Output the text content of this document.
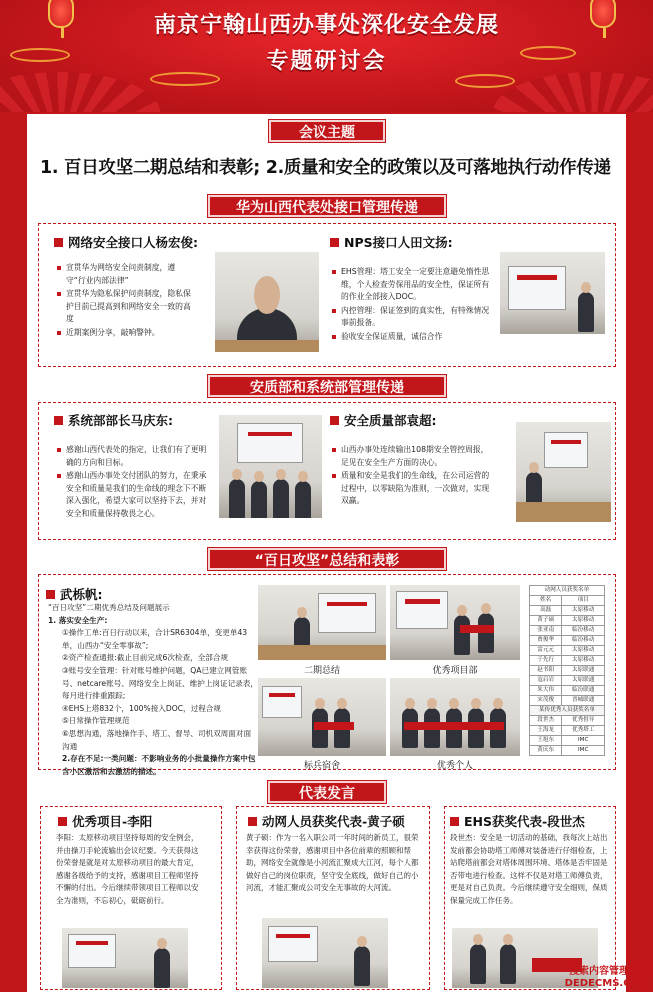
南京宁翰山西办事处深化安全发展
专题研讨会
会议主题
1. 百日攻坚二期总结和表彰; 2.质量和安全的政策以及可落地执行动作传递
华为山西代表处接口管理传递
网络安全接口人杨宏俊:
宣贯华为网络安全问责制度，遵守“行业内部法律”
宣贯华为隐私保护问责制度，隐私保护目前已提高到和网络安全一致的高度
近期案例分享，敲响警钟。
NPS接口人田文扬:
EHS管理：塔工安全一定要注意避免惰性思维，个人检查劳保用品的安全性，保证所有的作业全部接入DOC。
内控管理：保证签到的真实性，有特殊情况事前报备。
验收安全保证质量，诚信合作
安质部和系统部管理传递
系统部部长马庆东:
感谢山西代表处的指定，让我们有了更明确的方向和目标。
感谢山西办事处交付团队的努力，在秉承安全和质量是我们的生命线的理念下不断深入强化，希望大家可以坚持下去，并对安全和质量保持敬畏之心。
安全质量部袁超:
山西办事处连续输出108期安全管控周报，足见在安全生产方面的决心。
质量和安全是我们的生命线，在公司运营的过程中，以零缺陷为准则，一次做对，实现双赢。
“百日攻坚”总结和表彰
武栎帆:
“百日攻坚”二期优秀总结及问题展示
1. 落实安全生产:
①操作工单:百日行动以来，合计SR6304单，变更单43单，山西办“安全零事故”;
②资产检查通报:截止目前完成6次检查，全部合规
③账号安全管理：针对账号维护问题，QA已建立网管账号、netcare账号、网络安全上岗证、维护上岗证记录表，每月进行排重跟踪;
④EHS上塔832个，100%接入DOC，过程合规
⑤日常操作管理规范
⑥思想沟通，落地操作手、塔工、督导、司机双周面对面沟通
2.存在不足:一类问题：不影响业务的小批量操作方案中包含小区激活和去激活的描述。
二期总结	优秀项目部
标兵宿舍	优秀个人
动网人员获奖名单	
姓名	项目
高磊	太原移动
黄子硕	太原移动
张亚南	临汾移动
贾俊华	临汾移动
雷元元	太原移动
于先行	太原移动
赵书阳	太原联通
寇启岩	太原联通
朱大伟	临汾联通
宋茂俊	晋城联通
某传优秀人员获奖名单	
段世杰	优秀督导
王海龙	优秀塔工
王旭东	IMC
黄庆东	IMC
代表发言
优秀项目-李阳
李阳：太原移动项目坚持每周的安全例会，并由操刀手轮流输出会议纪要。今天获得这份荣誉是就是对太原移动项目的最大肯定，感谢各级给予的支持，感谢项目工程师坚持不懈的付出。今后继续带领项目工程师以安全为准则，不忘初心，砥砺前行。
动网人员获奖代表-黄子硕
黄子硕：作为一名入职公司一年时间的新员工，很荣幸获得这份荣誉，感谢项目中各位前辈的照顾和帮助，网络安全就像是小河流汇聚成大江河，每个人都做好自己的岗位职责，坚守安全底线，做好自己的小河流，才能汇聚成公司安全无事故的大河流。
EHS获奖代表-段世杰
段世杰：安全是一切活动的基础，我每次上站出发前都会协助塔工师傅对装备进行仔细检查，上站爬塔前都会对塔体周围环境、塔体是否牢固是否带电进行检查。这样不仅是对塔工师傅负责，更是对自己负责。今后继续遵守安全细则，保质保量完成工作任务。
搜索内容管理系统
DEDECMS.COM
